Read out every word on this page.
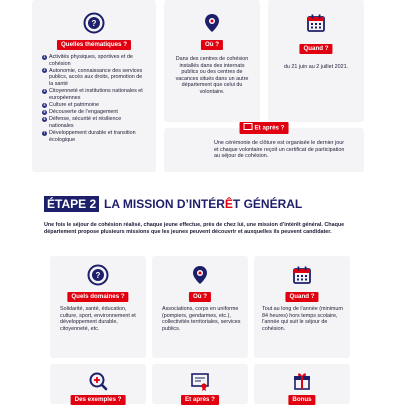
?
Quelles thématiques ?
1 Activités physiques, sportives et de cohésion
2 Autonomie, connaissance des services publics, accès aux droits, promotion de la santé
3 Citoyenneté et institutions nationales et européennes
4 Culture et patrimoine
5 Découverte de l’engagement
6 Défense, sécurité et résilience nationales
7 Développement durable et transition écologique
Où ?
Dans des centres de cohésion installés dans des internats publics ou des centres de vacances situés dans un autre département que celui du volontaire.
Quand ?
du 21 juin au 2 juillet 2021.
Et après ?
Une cérémonie de clôture est organisée le dernier jour et chaque volontaire reçoit un certificat de participation au séjour de cohésion.
ÉTAPE 2 LA MISSION D’INTÉRÊT GÉNÉRAL
Une fois le séjour de cohésion réalisé, chaque jeune effectue, près de chez lui, une mission d’intérêt général. Chaque département propose plusieurs missions que les jeunes peuvent découvrir et auxquelles ils peuvent candidater.
?
Quels domaines ?
Solidarité, santé, éducation, culture, sport, environnement et développement durable, citoyenneté, etc.
Où ?
Associations, corps en uniforme (pompiers, gendarmes, etc.), collectivités territoriales, services publics.
Quand ?
Tout au long de l’année (minimum 84 heures) hors temps scolaire, l’année qui suit le séjour de cohésion.
Des exemples ?	Et après ?	Bonus
